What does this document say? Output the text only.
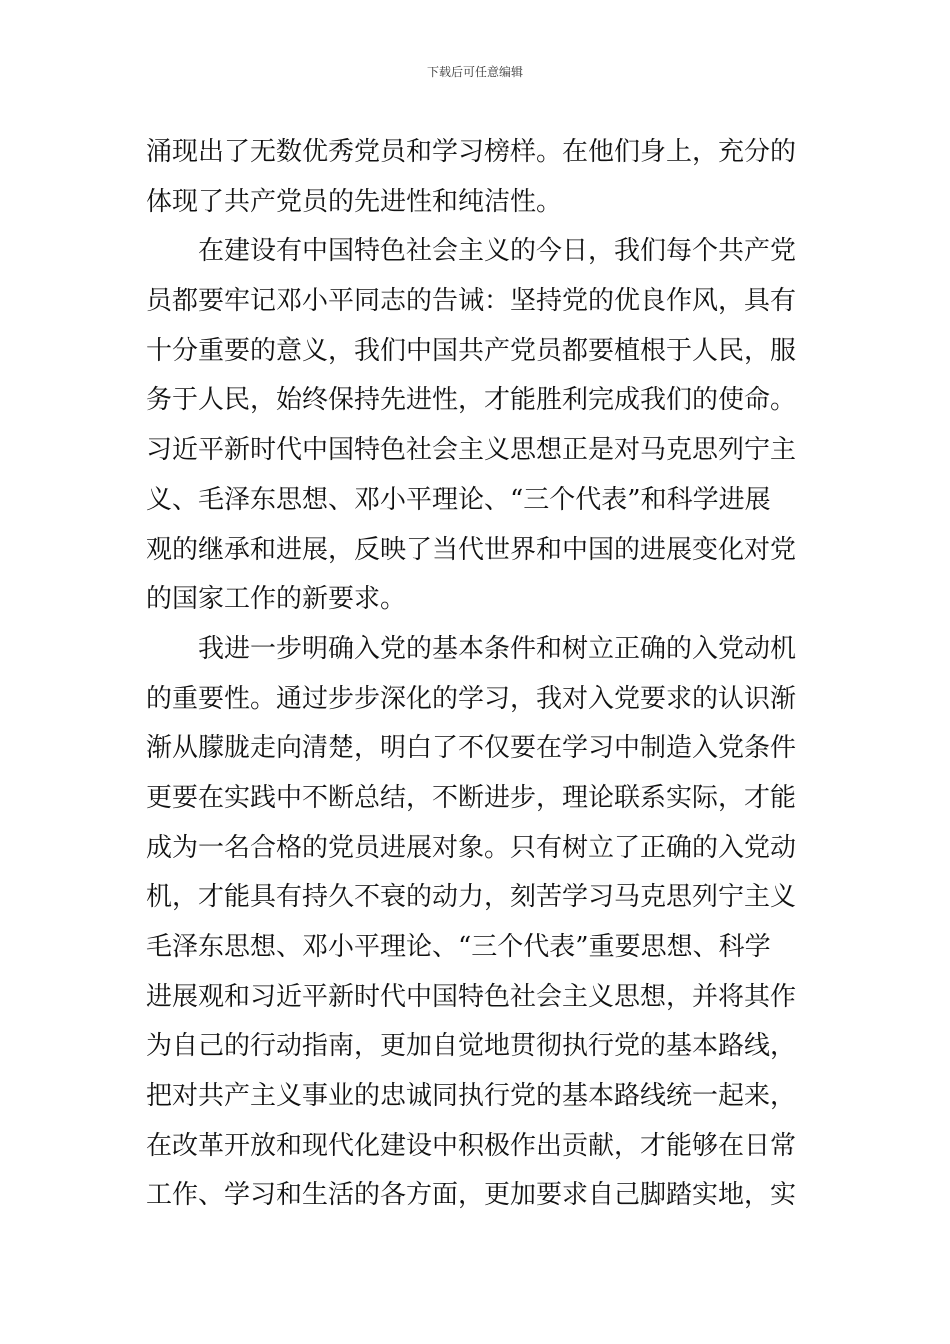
下载后可任意编辑
涌现出了无数优秀党员和学习榜样。在他们身上，充分的
体现了共产党员的先进性和纯洁性。
在建设有中国特色社会主义的今日，我们每个共产党
员都要牢记邓小平同志的告诫：坚持党的优良作风，具有
十分重要的意义，我们中国共产党员都要植根于人民，服
务于人民，始终保持先进性，才能胜利完成我们的使命。
习近平新时代中国特色社会主义思想正是对马克思列宁主
义、毛泽东思想、邓小平理论、“三个代表”和科学进展
观的继承和进展，反映了当代世界和中国的进展变化对党
的国家工作的新要求。
我进一步明确入党的基本条件和树立正确的入党动机
的重要性。通过步步深化的学习，我对入党要求的认识渐
渐从朦胧走向清楚，明白了不仅要在学习中制造入党条件
更要在实践中不断总结，不断进步，理论联系实际，才能
成为一名合格的党员进展对象。只有树立了正确的入党动
机，才能具有持久不衰的动力，刻苦学习马克思列宁主义
毛泽东思想、邓小平理论、“三个代表”重要思想、科学
进展观和习近平新时代中国特色社会主义思想，并将其作
为自己的行动指南，更加自觉地贯彻执行党的基本路线，
把对共产主义事业的忠诚同执行党的基本路线统一起来，
在改革开放和现代化建设中积极作出贡献，才能够在日常
工作、学习和生活的各方面，更加要求自己脚踏实地，实
